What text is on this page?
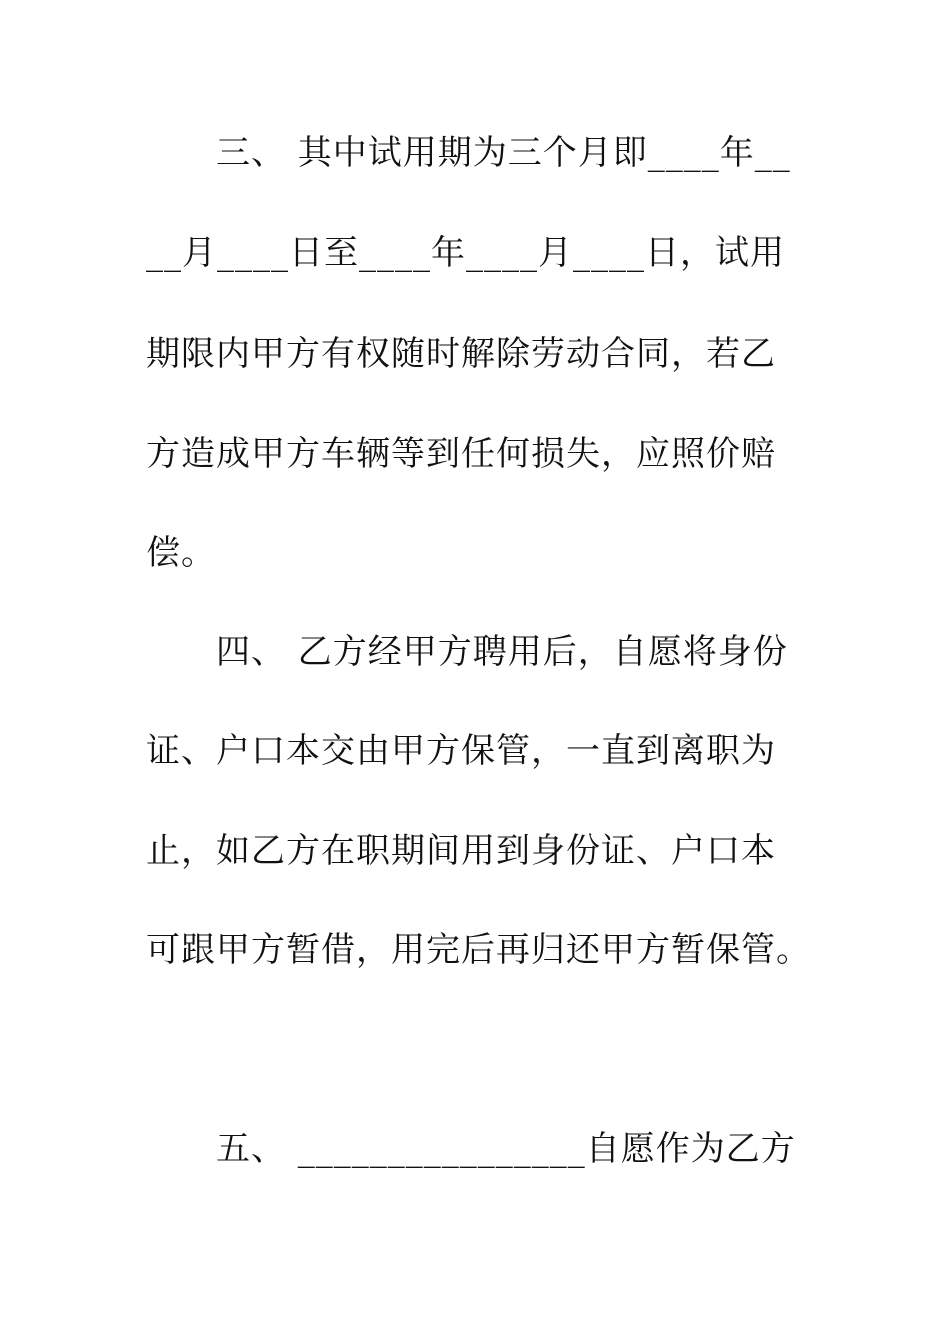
三、 其中试用期为三个月即____年__
__月____日至____年____月____日，试用
期限内甲方有权随时解除劳动合同，若乙
方造成甲方车辆等到任何损失，应照价赔
偿。
四、 乙方经甲方聘用后，自愿将身份
证、户口本交由甲方保管，一直到离职为
止，如乙方在职期间用到身份证、户口本
可跟甲方暂借，用完后再归还甲方暂保管。
五、 ________________自愿作为乙方
